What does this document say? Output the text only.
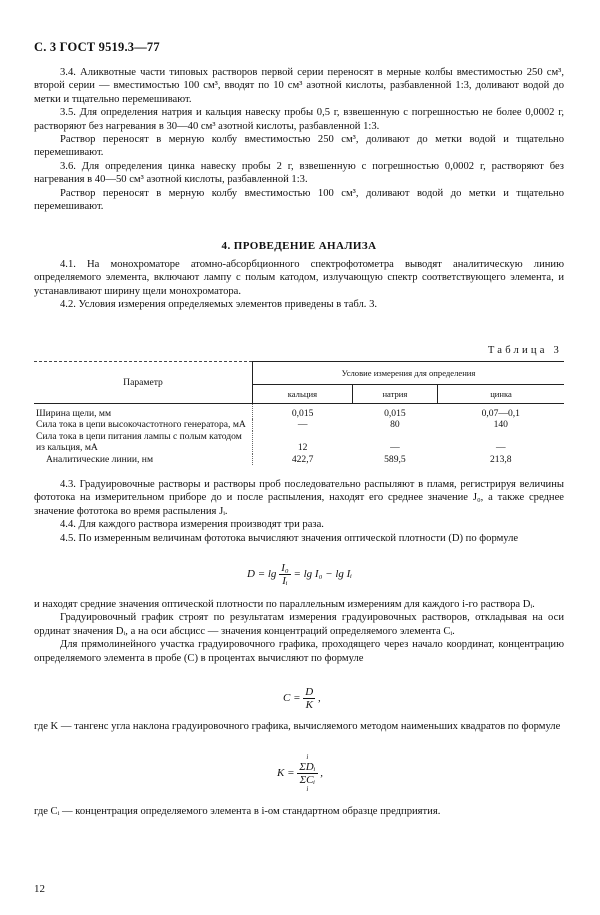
С. 3 ГОСТ 9519.3—77

3.4. Аликвотные части типовых растворов первой серии переносят в мерные колбы вместимостью 250 см³, второй серии — вместимостью 100 см³, вводят по 10 см³ азотной кислоты, разбавленной 1:3, доливают водой до метки и тщательно перемешивают.

3.5. Для определения натрия и кальция навеску пробы 0,5 г, взвешенную с погрешностью не более 0,0002 г, растворяют без нагревания в 30—40 см³ азотной кислоты, разбавленной 1:3.

Раствор переносят в мерную колбу вместимостью 250 см³, доливают до метки водой и тщательно перемешивают.

3.6. Для определения цинка навеску пробы 2 г, взвешенную с погрешностью 0,0002 г, растворяют без нагревания в 40—50 см³ азотной кислоты, разбавленной 1:3.

Раствор переносят в мерную колбу вместимостью 100 см³, доливают водой до метки и тщательно перемешивают.

4. ПРОВЕДЕНИЕ АНАЛИЗА

4.1. На монохроматоре атомно-абсорбционного спектрофотометра выводят аналитическую линию определяемого элемента, включают лампу с полым катодом, излучающую спектр соответствующего элемента, и устанавливают ширину щели монохроматора.

4.2. Условия измерения определяемых элементов приведены в табл. 3.

Таблица 3
Параметр	Условие измерения для определения		
	кальция	натрия	цинка
Ширина щели, мм	0,015	0,015	0,07—0,1
Сила тока в цепи высокочастотного генератора, мА	—	80	140
Сила тока в цепи питания лампы с полым катодом из кальция, мА	12	—	—
Аналитические линии, нм	422,7	589,5	213,8

4.3. Градуировочные растворы и растворы проб последовательно распыляют в пламя, регистрируя величины фототока на измерительном приборе до и после распыления, находят его среднее значение J₀, а также среднее значение фототока во время распыления Jᵢ.

4.4. Для каждого раствора измерения производят три раза.

4.5. По измеренным величинам фототока вычисляют значения оптической плотности (D) по формуле

$D = \lg \frac{\text{I₀}}{\text{Iᵢ}} = \lg I_0 - \lg$ Iᵢ

и находят средние значения оптической плотности по параллельным измерениям для каждого i-го раствора Dᵢ.

Градуировочный график строят по результатам измерения градуировочных растворов, откладывая на оси ординат значения Dᵢ, а на оси абсцисс — значения концентраций определяемого элемента Cᵢ.

Для прямолинейного участка градуировочного графика, проходящего через начало координат, концентрацию определяемого элемента в пробе (С) в процентах вычисляют по формуле

$C = \frac{D}{K}$ ,

где K — тангенс угла наклона градуировочного графика, вычисляемого методом наименьших квадратов по формуле

K =
i
ΣDᵢ
ΣCᵢ
i
,

где Cᵢ — концентрация определяемого элемента в i-ом стандартном образце предприятия.

12
